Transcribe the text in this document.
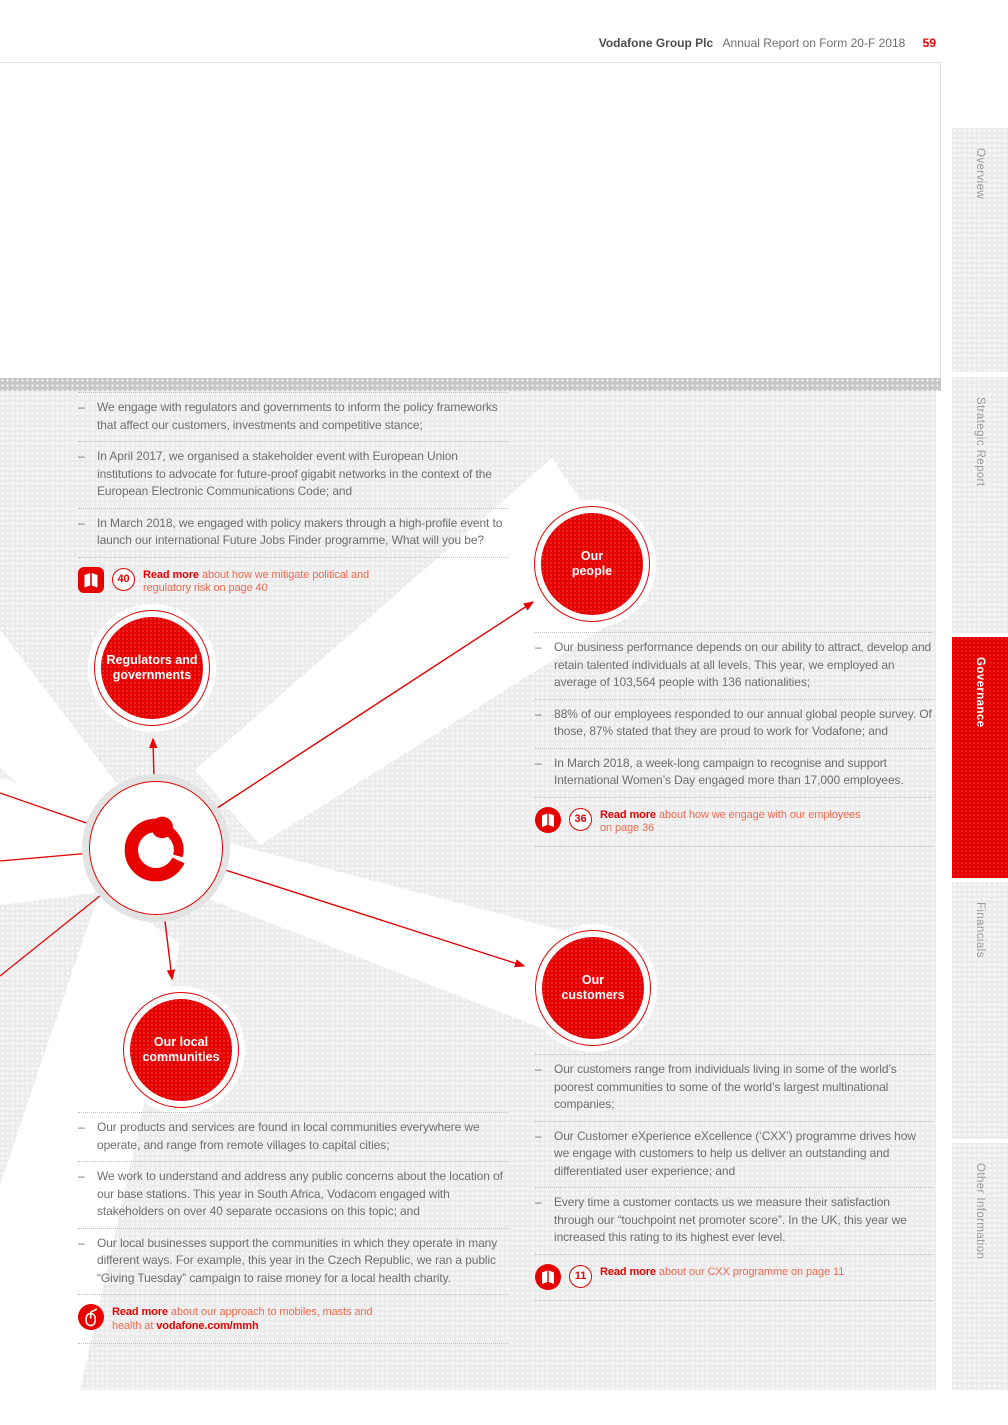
Vodafone Group Plc Annual Report on Form 20-F 2018 59
Regulators and governments
Our people
Our customers
Our local communities
– We engage with regulators and governments to inform the policy frameworks that affect our customers, investments and competitive stance;
– In April 2017, we organised a stakeholder event with European Union institutions to advocate for future-proof gigabit networks in the context of the European Electronic Communications Code; and
– In March 2018, we engaged with policy makers through a high-profile event to launch our international Future Jobs Finder programme, What will you be?
40	Read more about how we mitigate political and regulatory risk on page 40
– Our business performance depends on our ability to attract, develop and retain talented individuals at all levels. This year, we employed an average of 103,564 people with 136 nationalities;
– 88% of our employees responded to our annual global people survey. Of those, 87% stated that they are proud to work for Vodafone; and
– In March 2018, a week-long campaign to recognise and support International Women’s Day engaged more than 17,000 employees.
36	Read more about how we engage with our employees on page 36
– Our customers range from individuals living in some of the world’s poorest communities to some of the world’s largest multinational companies;
– Our Customer eXperience eXcellence (‘CXX’) programme drives how we engage with customers to help us deliver an outstanding and differentiated user experience; and
– Every time a customer contacts us we measure their satisfaction through our “touchpoint net promoter score”. In the UK, this year we increased this rating to its highest ever level.
11	Read more about our CXX programme on page 11
– Our products and services are found in local communities everywhere we operate, and range from remote villages to capital cities;
– We work to understand and address any public concerns about the location of our base stations. This year in South Africa, Vodacom engaged with stakeholders on over 40 separate occasions on this topic; and
– Our local businesses support the communities in which they operate in many different ways. For example, this year in the Czech Republic, we ran a public “Giving Tuesday” campaign to raise money for a local health charity.
Read more about our approach to mobiles, masts and health at vodafone.com/mmh
Overview
Strategic Report
Governance
Financials
Other Information
